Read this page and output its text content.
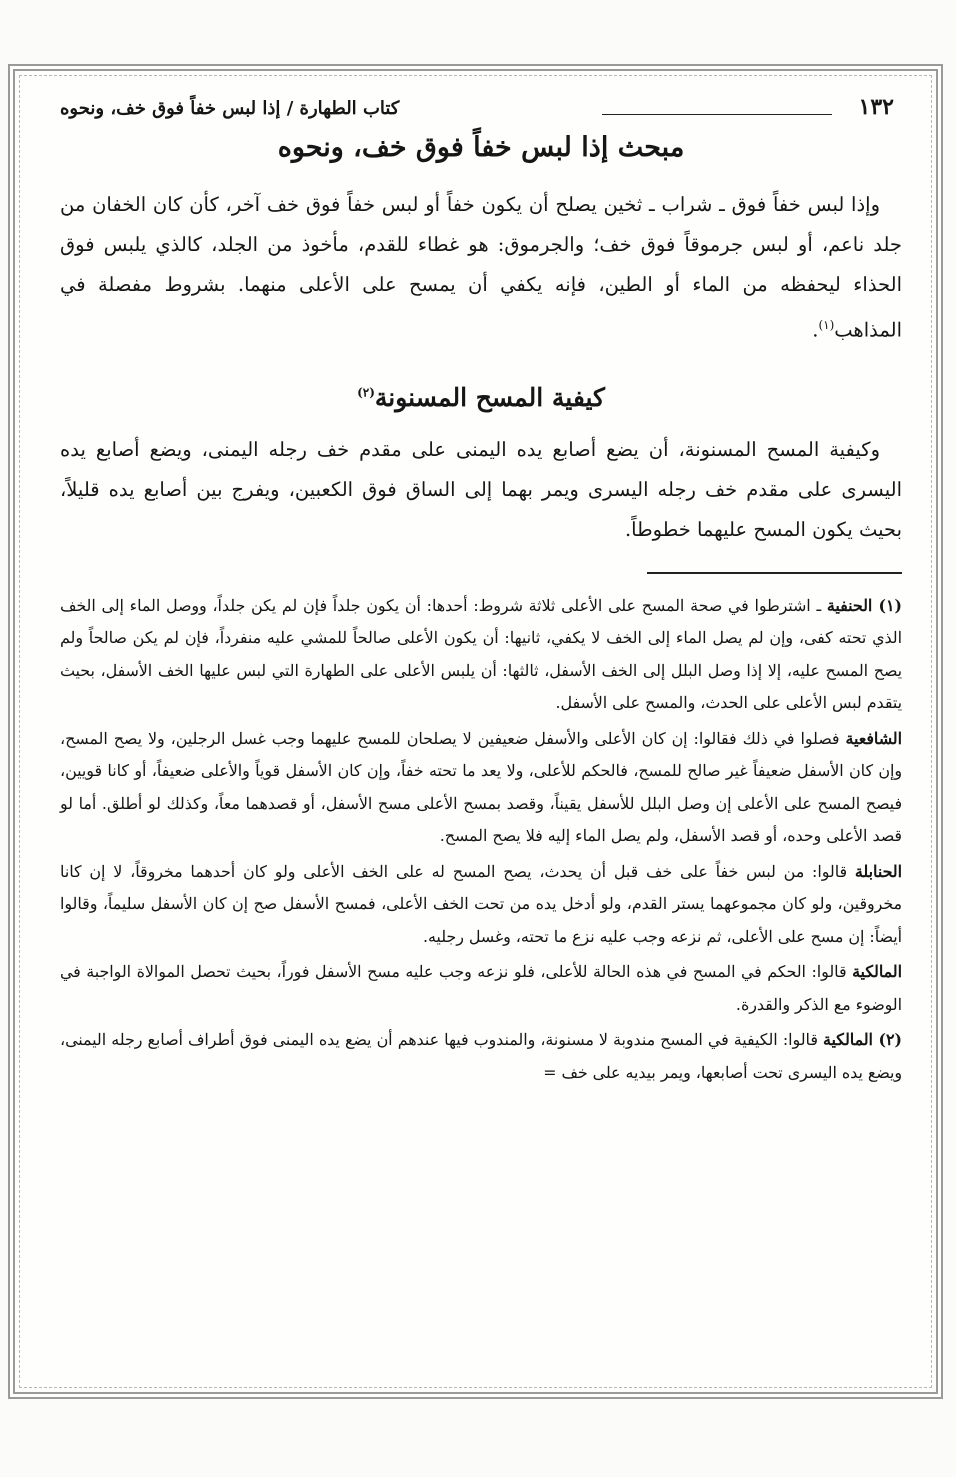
١٣٢
كتاب الطهارة / إذا لبس خفاً فوق خف، ونحوه
مبحث إذا لبس خفاً فوق خف، ونحوه

وإذا لبس خفاً فوق ـ شراب ـ ثخين يصلح أن يكون خفاً أو لبس خفاً فوق خف آخر، كأن كان الخفان من جلد ناعم، أو لبس جرموقاً فوق خف؛ والجرموق: هو غطاء للقدم، مأخوذ من الجلد، كالذي يلبس فوق الحذاء ليحفظه من الماء أو الطين، فإنه يكفي أن يمسح على الأعلى منهما. بشروط مفصلة في المذاهب$^{(١)}$.

كيفية المسح المسنونة$^{(٢)}$

وكيفية المسح المسنونة، أن يضع أصابع يده اليمنى على مقدم خف رجله اليمنى، ويضع أصابع يده اليسرى على مقدم خف رجله اليسرى ويمر بهما إلى الساق فوق الكعبين، ويفرج بين أصابع يده قليلاً، بحيث يكون المسح عليهما خطوطاً.

(١) الحنفية ـ اشترطوا في صحة المسح على الأعلى ثلاثة شروط: أحدها: أن يكون جلداً فإن لم يكن جلداً، ووصل الماء إلى الخف الذي تحته كفى، وإن لم يصل الماء إلى الخف لا يكفي، ثانيها: أن يكون الأعلى صالحاً للمشي عليه منفرداً، فإن لم يكن صالحاً ولم يصح المسح عليه، إلا إذا وصل البلل إلى الخف الأسفل، ثالثها: أن يلبس الأعلى على الطهارة التي لبس عليها الخف الأسفل، بحيث يتقدم لبس الأعلى على الحدث، والمسح على الأسفل.

الشافعية فصلوا في ذلك فقالوا: إن كان الأعلى والأسفل ضعيفين لا يصلحان للمسح عليهما وجب غسل الرجلين، ولا يصح المسح، وإن كان الأسفل ضعيفاً غير صالح للمسح، فالحكم للأعلى، ولا يعد ما تحته خفاً، وإن كان الأسفل قوياً والأعلى ضعيفاً، أو كانا قويين، فيصح المسح على الأعلى إن وصل البلل للأسفل يقيناً، وقصد بمسح الأعلى مسح الأسفل، أو قصدهما معاً، وكذلك لو أطلق. أما لو قصد الأعلى وحده، أو قصد الأسفل، ولم يصل الماء إليه فلا يصح المسح.

الحنابلة قالوا: من لبس خفاً على خف قبل أن يحدث، يصح المسح له على الخف الأعلى ولو كان أحدهما مخروقاً، لا إن كانا مخروقين، ولو كان مجموعهما يستر القدم، ولو أدخل يده من تحت الخف الأعلى، فمسح الأسفل صح إن كان الأسفل سليماً، وقالوا أيضاً: إن مسح على الأعلى، ثم نزعه وجب عليه نزع ما تحته، وغسل رجليه.

المالكية قالوا: الحكم في المسح في هذه الحالة للأعلى، فلو نزعه وجب عليه مسح الأسفل فوراً، بحيث تحصل الموالاة الواجبة في الوضوء مع الذكر والقدرة.

(٢) المالكية قالوا: الكيفية في المسح مندوبة لا مسنونة، والمندوب فيها عندهم أن يضع يده اليمنى فوق أطراف أصابع رجله اليمنى، ويضع يده اليسرى تحت أصابعها، ويمر بيديه على خف =
